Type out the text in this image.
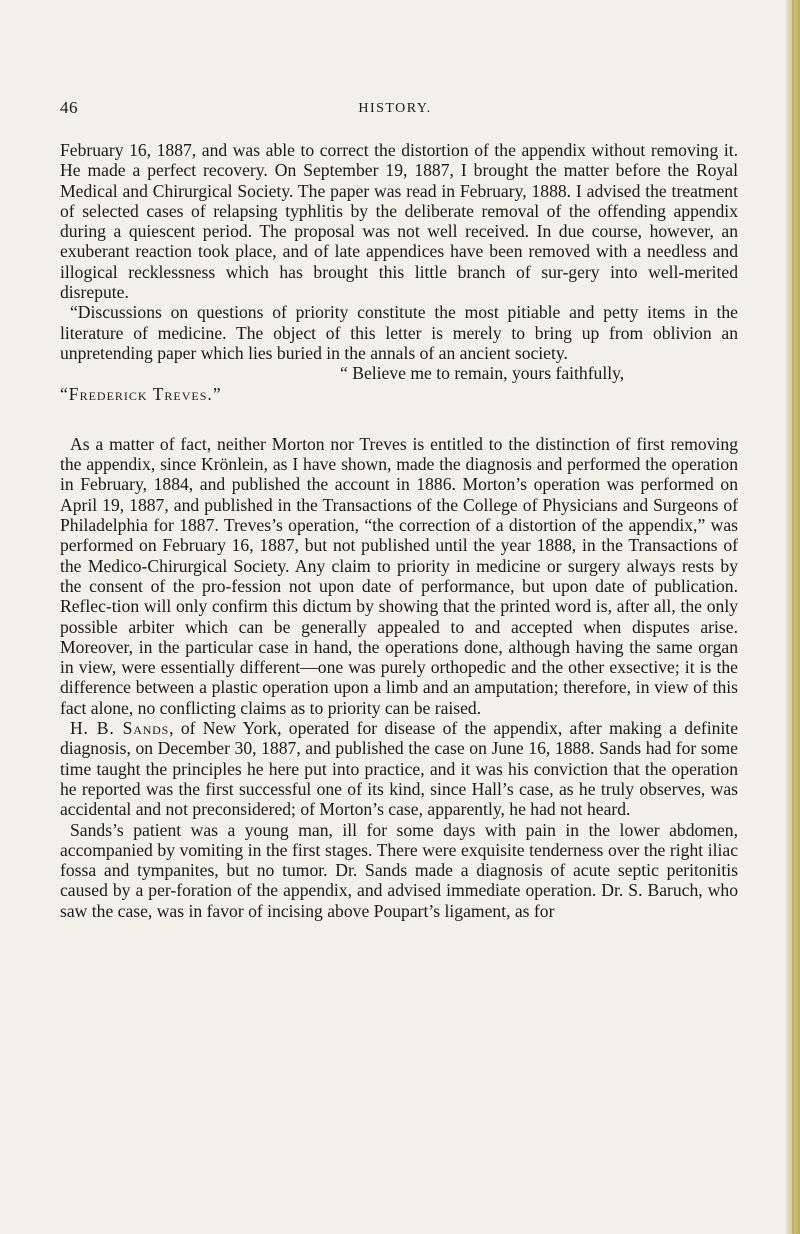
46	HISTORY.

February 16, 1887, and was able to correct the distortion of the appendix without removing it. He made a perfect recovery. On September 19, 1887, I brought the matter before the Royal Medical and Chirurgical Society. The paper was read in February, 1888. I advised the treatment of selected cases of relapsing typhlitis by the deliberate removal of the offending appendix during a quiescent period. The proposal was not well received. In due course, however, an exuberant reaction took place, and of late appendices have been removed with a needless and illogical recklessness which has brought this little branch of sur-gery into well-merited disrepute.

“Discussions on questions of priority constitute the most pitiable and petty items in the literature of medicine. The object of this letter is merely to bring up from oblivion an unpretending paper which lies buried in the annals of an ancient society.

“ Believe me to remain, yours faithfully,

“Frederick Treves.”

As a matter of fact, neither Morton nor Treves is entitled to the distinction of first removing the appendix, since Krönlein, as I have shown, made the diagnosis and performed the operation in February, 1884, and published the account in 1886. Morton’s operation was performed on April 19, 1887, and published in the Transactions of the College of Physicians and Surgeons of Philadelphia for 1887. Treves’s operation, “the correction of a distortion of the appendix,” was performed on February 16, 1887, but not published until the year 1888, in the Transactions of the Medico-Chirurgical Society. Any claim to priority in medicine or surgery always rests by the consent of the pro-fession not upon date of performance, but upon date of publication. Reflec-tion will only confirm this dictum by showing that the printed word is, after all, the only possible arbiter which can be generally appealed to and accepted when disputes arise. Moreover, in the particular case in hand, the operations done, although having the same organ in view, were essentially different—one was purely orthopedic and the other exsective; it is the difference between a plastic operation upon a limb and an amputation; therefore, in view of this fact alone, no conflicting claims as to priority can be raised.

H. B. Sands, of New York, operated for disease of the appendix, after making a definite diagnosis, on December 30, 1887, and published the case on June 16, 1888. Sands had for some time taught the principles he here put into practice, and it was his conviction that the operation he reported was the first successful one of its kind, since Hall’s case, as he truly observes, was accidental and not preconsidered; of Morton’s case, apparently, he had not heard.

Sands’s patient was a young man, ill for some days with pain in the lower abdomen, accompanied by vomiting in the first stages. There were exquisite tenderness over the right iliac fossa and tympanites, but no tumor. Dr. Sands made a diagnosis of acute septic peritonitis caused by a per-foration of the appendix, and advised immediate operation. Dr. S. Baruch, who saw the case, was in favor of incising above Poupart’s ligament, as for
